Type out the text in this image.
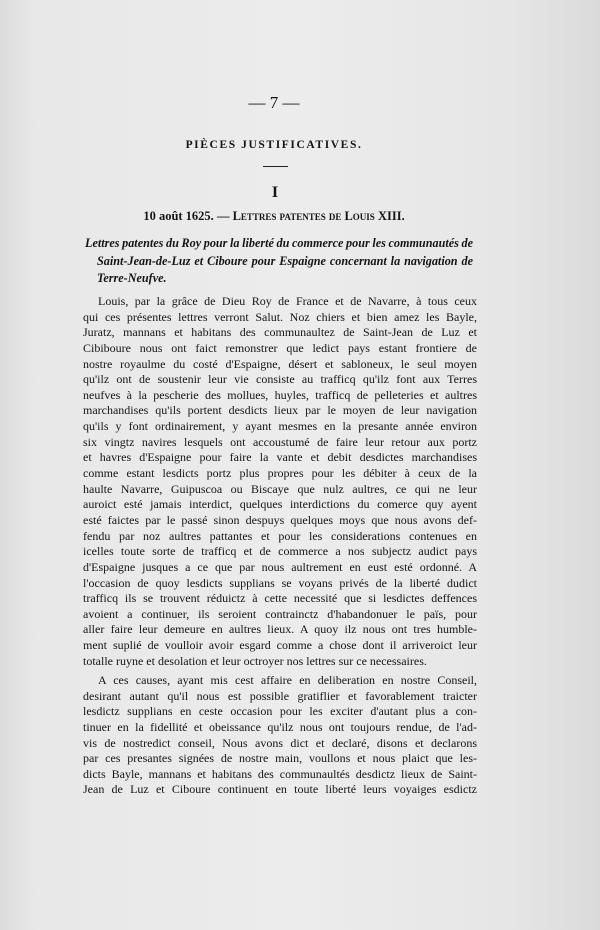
— 7 —
PIÈCES JUSTIFICATIVES.
I
10 août 1625. — Lettres patentes de Louis XIII.
Lettres patentes du Roy pour la liberté du commerce pour les communautés de
Saint-Jean-de-Luz et Ciboure pour Espaigne concernant la navigation de
Terre-Neufve.
Louis, par la grâce de Dieu Roy de France et de Navarre, à tous ceux
qui ces présentes lettres verront Salut. Noz chiers et bien amez les Bayle,
Juratz, mannans et habitans des communaultez de Saint-Jean de Luz et
Cibiboure nous ont faict remonstrer que ledict pays estant frontiere de
nostre royaulme du costé d'Espaigne, désert et sabloneux, le seul moyen
qu'ilz ont de soustenir leur vie consiste au trafficq qu'ilz font aux Terres
neufves à la pescherie des mollues, huyles, trafficq de pelleteries et aultres
marchandises qu'ils portent desdicts lieux par le moyen de leur navigation
qu'ils y font ordinairement, y ayant mesmes en la presante année environ
six vingtz navires lesquels ont accoustumé de faire leur retour aux portz
et havres d'Espaigne pour faire la vante et debit desdictes marchandises
comme estant lesdicts portz plus propres pour les débiter à ceux de la
haulte Navarre, Guipuscoa ou Biscaye que nulz aultres, ce qui ne leur
auroict esté jamais interdict, quelques interdictions du comerce quy ayent
esté faictes par le passé sinon despuys quelques moys que nous avons def-
fendu par noz aultres pattantes et pour les considerations contenues en
icelles toute sorte de trafficq et de commerce a nos subjectz audict pays
d'Espaigne jusques a ce que par nous aultrement en eust esté ordonné. A
l'occasion de quoy lesdicts supplians se voyans privés de la liberté dudict
trafficq ils se trouvent réduictz à cette necessité que si lesdictes deffences
avoient a continuer, ils seroient contrainctz d'habandonuer le païs, pour
aller faire leur demeure en aultres lieux. A quoy ilz nous ont tres humble-
ment suplié de voulloir avoir esgard comme a chose dont il arriveroict leur
totalle ruyne et desolation et leur octroyer nos lettres sur ce necessaires.
A ces causes, ayant mis cest affaire en deliberation en nostre Conseil,
desirant autant qu'il nous est possible gratiflier et favorablement traicter
lesdictz supplians en ceste occasion pour les exciter d'autant plus a con-
tinuer en la fidellité et obeissance qu'ilz nous ont toujours rendue, de l'ad-
vis de nostredict conseil, Nous avons dict et declaré, disons et declarons
par ces presantes signées de nostre main, voullons et nous plaict que les-
dicts Bayle, mannans et habitans des communaultés desdictz lieux de Saint-
Jean de Luz et Ciboure continuent en toute liberté leurs voyaiges esdictz
